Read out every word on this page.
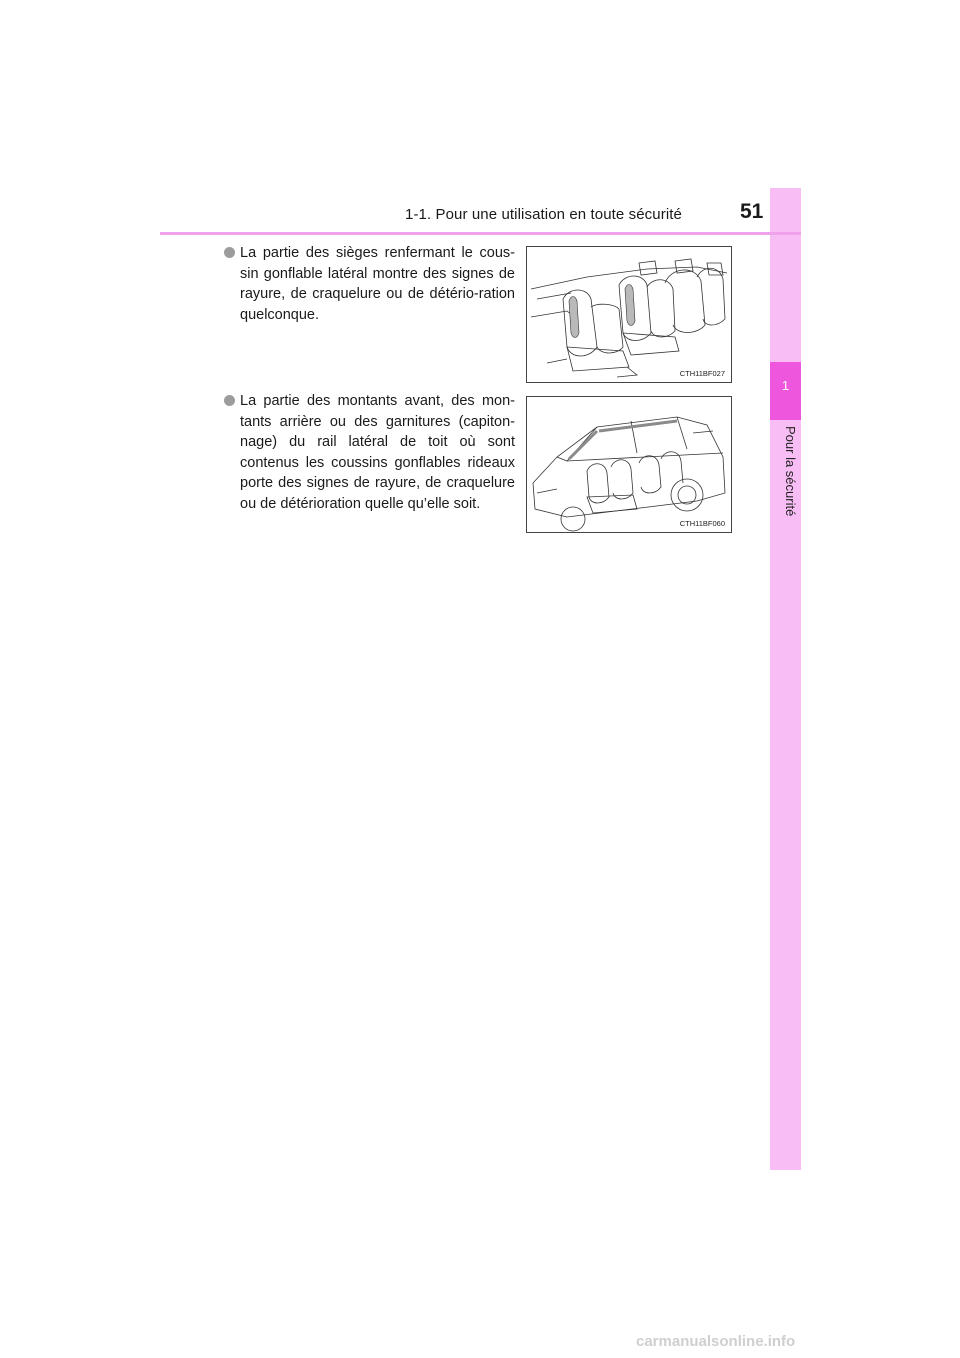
1
Pour la sécurité
1-1. Pour une utilisation en toute sécurité	51
La partie des sièges renfermant le cous-sin gonflable latéral montre des signes de rayure, de craquelure ou de détério-ration quelconque.
CTH11BF027
La partie des montants avant, des mon-tants arrière ou des garnitures (capiton-nage) du rail latéral de toit où sont contenus les coussins gonflables rideaux porte des signes de rayure, de craquelure ou de détérioration quelle qu’elle soit.
CTH11BF060
carmanualsonline.info
